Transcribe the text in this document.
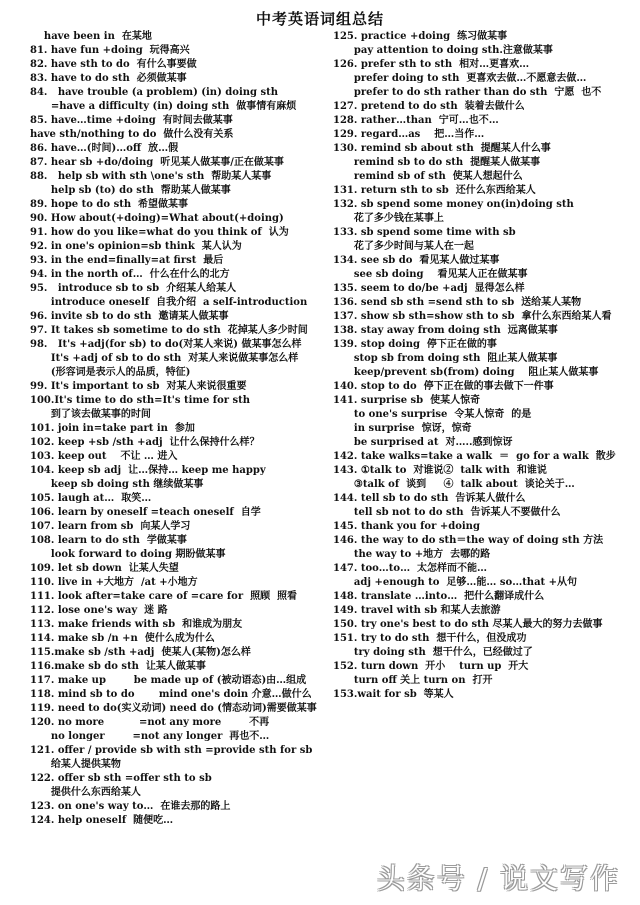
中考英语词组总结
have been in  在某地
81. have fun +doing  玩得高兴
82. have sth to do  有什么事要做
83. have to do sth  必须做某事
84.   have trouble (a problem) (in) doing sth
=have a difficulty (in) doing sth  做事情有麻烦
85. have…time +doing  有时间去做某事
have sth/nothing to do  做什么没有关系
86. have…(时间)…off  放…假
87. hear sb +do/doing  听见某人做某事/正在做某事
88.   help sb with sth \one's sth  帮助某人某事
help sb (to) do sth  帮助某人做某事
89. hope to do sth  希望做某事
90. How about(+doing)=What about(+doing)
91. how do you like=what do you think of  认为
92. in one's opinion=sb think  某人认为
93. in the end=finally=at first  最后
94. in the north of…  什么在什么的北方
95.   introduce sb to sb  介绍某人给某人
introduce oneself  自我介绍  a self-introduction
96. invite sb to do sth  邀请某人做某事
97. It takes sb sometime to do sth  花掉某人多少时间
98.   It's +adj(for sb) to do(对某人来说) 做某事怎么样
It's +adj of sb to do sth  对某人来说做某事怎么样
(形容词是表示人的品质，特征)
99. It's important to sb  对某人来说很重要
100.It's time to do sth=It's time for sth
到了该去做某事的时间
101. join in=take part in  参加
102. keep +sb /sth +adj  让什么保持什么样？
103. keep out    不让 … 进入
104. keep sb adj  让…保持… keep me happy
keep sb doing sth 继续做某事
105. laugh at…  取笑…
106. learn by oneself =teach oneself  自学
107. learn from sb  向某人学习
108. learn to do sth  学做某事
look forward to doing 期盼做某事
109. let sb down  让某人失望
110. live in +大地方  /at +小地方
111. look after=take care of =care for  照顾  照看
112. lose one's way  迷 路
113. make friends with sb  和谁成为朋友
114. make sb /n +n  使什么成为什么
115.make sb /sth +adj  使某人(某物)怎么样
116.make sb do sth  让某人做某事
117. make up        be made up of (被动语态)由…组成
118. mind sb to do       mind one's doin 介意…做什么
119. need to do(实义动词) need do (情态动词)需要做某事
120. no more          =not any more        不再
no longer        =not any longer  再也不…
121. offer / provide sb with sth =provide sth for sb
给某人提供某物
122. offer sb sth =offer sth to sb
提供什么东西给某人
123. on one's way to…  在谁去那的路上
124. help oneself  随便吃…
125. practice +doing  练习做某事
pay attention to doing sth.注意做某事
126. prefer sth to sth  相对…更喜欢…
prefer doing to sth  更喜欢去做…不愿意去做…
prefer to do sth rather than do sth  宁愿  也不
127. pretend to do sth  装着去做什么
128. rather…than  宁可…也不…
129. regard…as    把…当作…
130. remind sb about sth  提醒某人什么事
remind sb to do sth  提醒某人做某事
remind sb of sth  使某人想起什么
131. return sth to sb  还什么东西给某人
132. sb spend some money on(in)doing sth
花了多少钱在某事上
133. sb spend some time with sb
花了多少时间与某人在一起
134. see sb do  看见某人做过某事
see sb doing    看见某人正在做某事
135. seem to do/be +adj  显得怎么样
136. send sb sth =send sth to sb  送给某人某物
137. show sb sth=show sth to sb  拿什么东西给某人看
138. stay away from doing sth  远离做某事
139. stop doing  停下正在做的事
stop sb from doing sth  阻止某人做某事
keep/prevent sb(from) doing    阻止某人做某事
140. stop to do  停下正在做的事去做下一件事
141. surprise sb  使某人惊奇
to one's surprise  令某人惊奇  的是
in surprise  惊讶，惊奇
be surprised at  对…..感到惊讶
142. take walks=take a walk  ＝  go for a walk  散步
143. ①talk to  对谁说②  talk with  和谁说
③talk of  谈到     ④  talk about  谈论关于…
144. tell sb to do sth  告诉某人做什么
tell sb not to do sth  告诉某人不要做什么
145. thank you for +doing
146. the way to do sth＝the way of doing sth 方法
the way to +地方  去哪的路
147. too…to…  太怎样而不能…
adj +enough to  足够…能… so…that +从句
148. translate …into…  把什么翻译成什么
149. travel with sb 和某人去旅游
150. try one's best to do sth 尽某人最大的努力去做事
151. try to do sth  想干什么，但没成功
try doing sth  想干什么，已经做过了
152. turn down  开小    turn up  开大
turn off 关上 turn on  打开
153.wait for sb  等某人
头条号 / 说文写作
